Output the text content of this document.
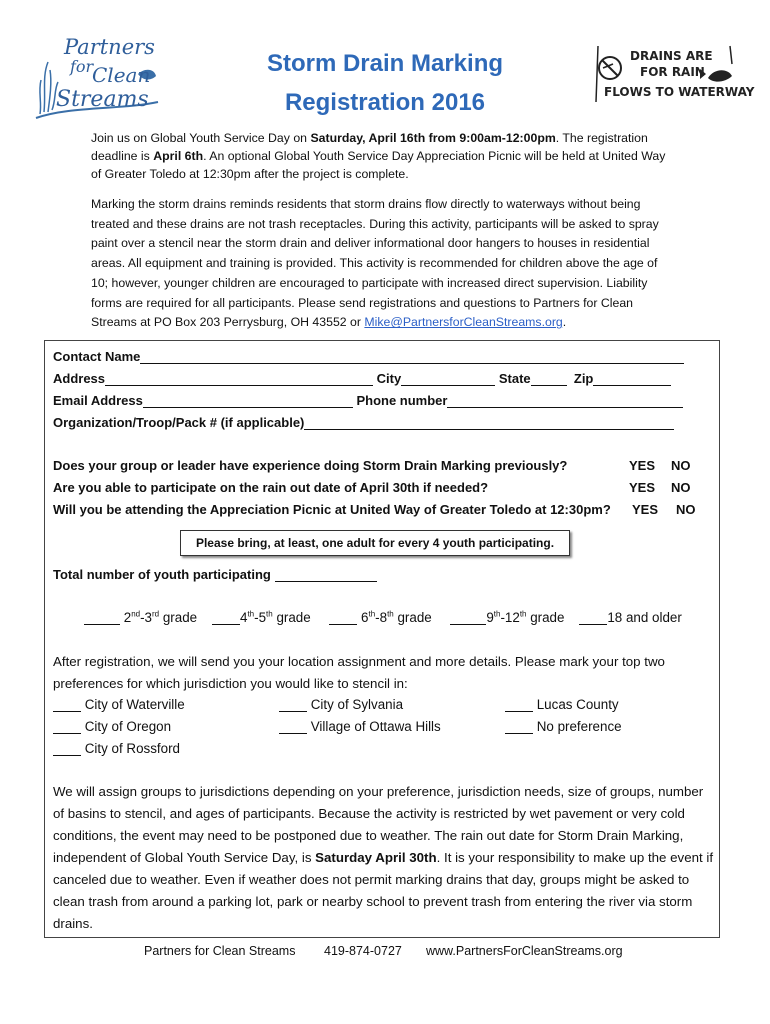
Partners
for
Clean
Streams
DRAINS ARE
FOR RAIN
FLOWS TO WATERWAY
Storm Drain Marking
Registration 2016
Join us on Global Youth Service Day on Saturday, April 16th from 9:00am-12:00pm. The registration deadline is April 6th. An optional Global Youth Service Day Appreciation Picnic will be held at United Way of Greater Toledo at 12:30pm after the project is complete.
Marking the storm drains reminds residents that storm drains flow directly to waterways without being treated and these drains are not trash receptacles. During this activity, participants will be asked to spray paint over a stencil near the storm drain and deliver informational door hangers to houses in residential areas. All equipment and training is provided. This activity is recommended for children above the age of 10; however, younger children are encouraged to participate with increased direct supervision. Liability forms are required for all participants. Please send registrations and questions to Partners for Clean Streams at PO Box 203 Perrysburg, OH 43552 or Mike@PartnersforCleanStreams.org.
Contact Name
Address	City	State	Zip
Email Address	Phone number
Organization/Troop/Pack # (if applicable)
Does your group or leader have experience doing Storm Drain Marking previously?	YES NO
Are you able to participate on the rain out date of April 30th if needed?	YES NO
Will you be attending the Appreciation Picnic at United Way of Greater Toledo at 12:30pm? YES NO
Please bring, at least, one adult for every 4 youth participating.
Total number of youth participating
2nd-3rd grade	4th-5th grade	6th-8th grade	9th-12th grade	18 and older
After registration, we will send you your location assignment and more details. Please mark your top two preferences for which jurisdiction you would like to stencil in:
City of Waterville	City of Sylvania	Lucas County
City of Oregon	Village of Ottawa Hills	No preference
City of Rossford
We will assign groups to jurisdictions depending on your preference, jurisdiction needs, size of groups, number of basins to stencil, and ages of participants. Because the activity is restricted by wet pavement or very cold conditions, the event may need to be postponed due to weather. The rain out date for Storm Drain Marking, independent of Global Youth Service Day, is Saturday April 30th. It is your responsibility to make up the event if canceled due to weather. Even if weather does not permit marking drains that day, groups might be asked to clean trash from around a parking lot, park or nearby school to prevent trash from entering the river via storm drains.
Partners for Clean Streams 419-874-0727 www.PartnersForCleanStreams.org
